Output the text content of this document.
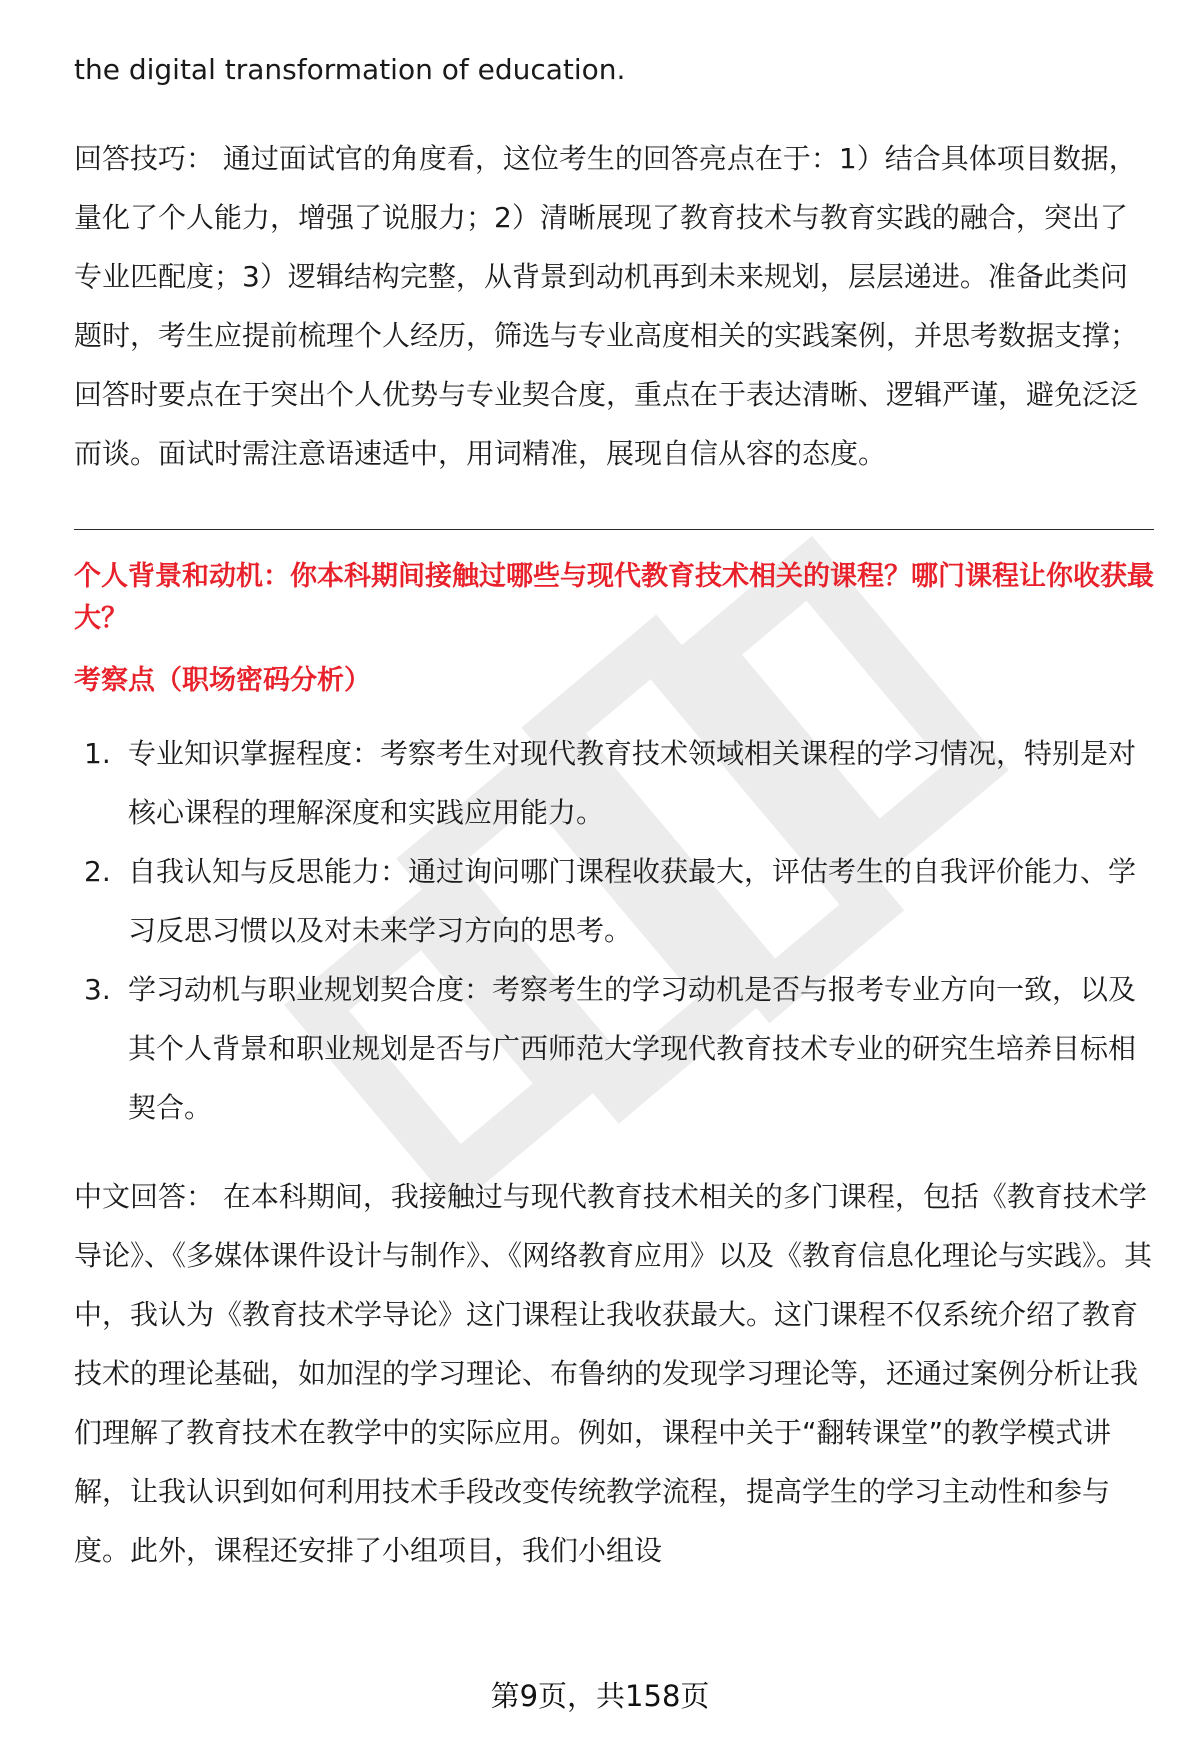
the digital transformation of education.

回答技巧： 通过面试官的角度看，这位考生的回答亮点在于：1）结合具体项目数据，量化了个人能力，增强了说服力；2）清晰展现了教育技术与教育实践的融合，突出了专业匹配度；3）逻辑结构完整，从背景到动机再到未来规划，层层递进。准备此类问题时，考生应提前梳理个人经历，筛选与专业高度相关的实践案例，并思考数据支撑；回答时要点在于突出个人优势与专业契合度，重点在于表达清晰、逻辑严谨，避免泛泛而谈。面试时需注意语速适中，用词精准，展现自信从容的态度。

个人背景和动机：你本科期间接触过哪些与现代教育技术相关的课程？哪门课程让你收获最大？
考察点（职场密码分析）
1. 专业知识掌握程度：考察考生对现代教育技术领域相关课程的学习情况，特别是对核心课程的理解深度和实践应用能力。
2. 自我认知与反思能力：通过询问哪门课程收获最大，评估考生的自我评价能力、学习反思习惯以及对未来学习方向的思考。
3. 学习动机与职业规划契合度：考察考生的学习动机是否与报考专业方向一致，以及其个人背景和职业规划是否与广西师范大学现代教育技术专业的研究生培养目标相契合。

中文回答： 在本科期间，我接触过与现代教育技术相关的多门课程，包括《教育技术学导论》、《多媒体课件设计与制作》、《网络教育应用》以及《教育信息化理论与实践》。其中，我认为《教育技术学导论》这门课程让我收获最大。这门课程不仅系统介绍了教育技术的理论基础，如加涅的学习理论、布鲁纳的发现学习理论等，还通过案例分析让我们理解了教育技术在教学中的实际应用。例如，课程中关于“翻转课堂”的教学模式讲解，让我认识到如何利用技术手段改变传统教学流程，提高学生的学习主动性和参与度。此外，课程还安排了小组项目，我们小组设

第9页，共158页
